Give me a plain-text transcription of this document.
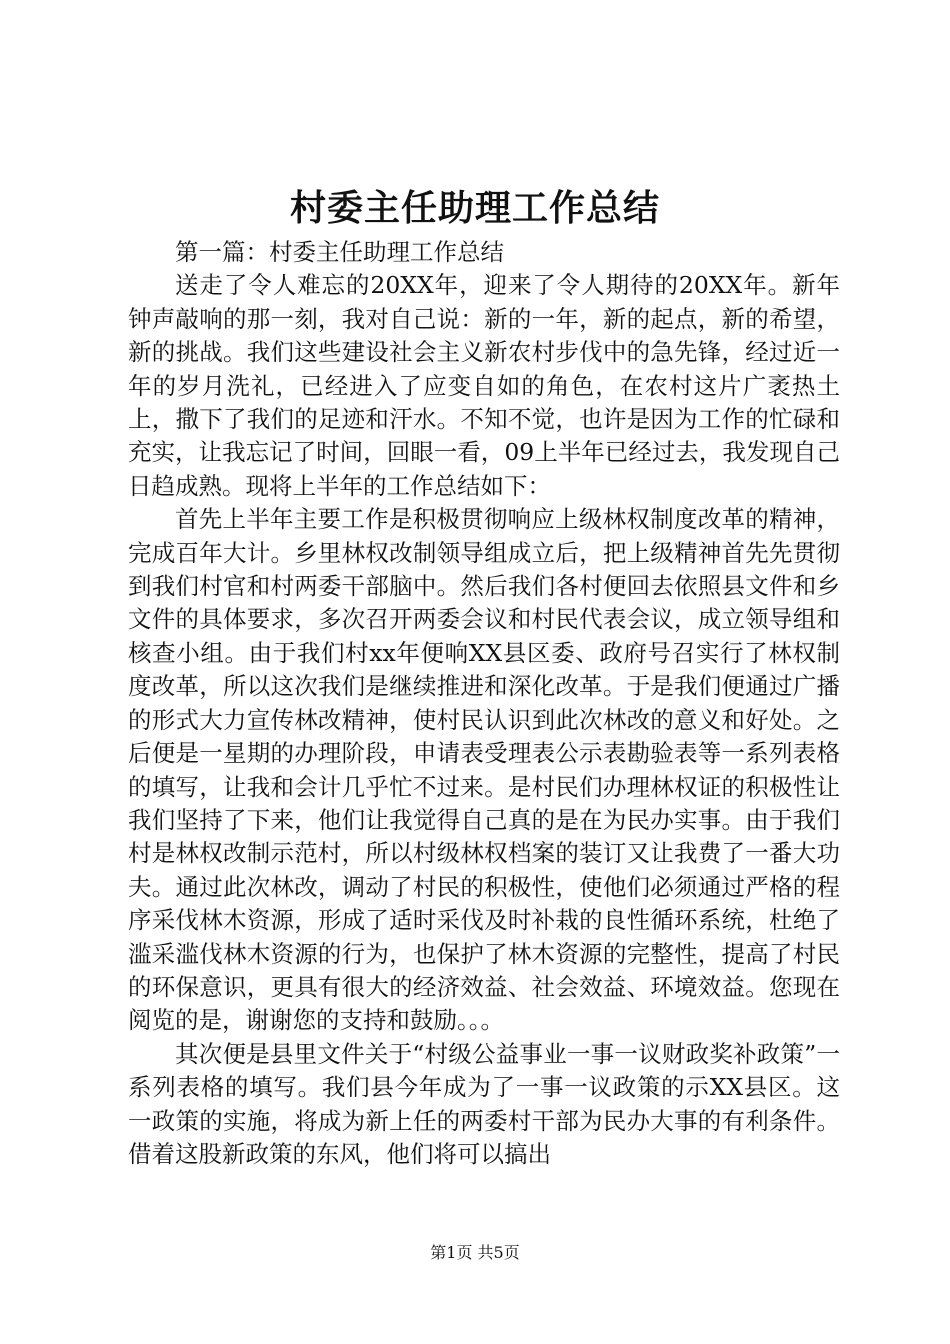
村委主任助理工作总结

第一篇：村委主任助理工作总结

送走了令人难忘的20XX年，迎来了令人期待的20XX年。新年钟声敲响的那一刻，我对自己说：新的一年，新的起点，新的希望，新的挑战。我们这些建设社会主义新农村步伐中的急先锋，经过近一年的岁月洗礼，已经进入了应变自如的角色，在农村这片广袤热土上，撒下了我们的足迹和汗水。不知不觉，也许是因为工作的忙碌和充实，让我忘记了时间，回眼一看，09上半年已经过去，我发现自己日趋成熟。现将上半年的工作总结如下：

首先上半年主要工作是积极贯彻响应上级林权制度改革的精神，完成百年大计。乡里林权改制领导组成立后，把上级精神首先先贯彻到我们村官和村两委干部脑中。然后我们各村便回去依照县文件和乡文件的具体要求，多次召开两委会议和村民代表会议，成立领导组和核查小组。由于我们村xx年便响XX县区委、政府号召实行了林权制度改革，所以这次我们是继续推进和深化改革。于是我们便通过广播的形式大力宣传林改精神，使村民认识到此次林改的意义和好处。之后便是一星期的办理阶段，申请表受理表公示表勘验表等一系列表格的填写，让我和会计几乎忙不过来。是村民们办理林权证的积极性让我们坚持了下来，他们让我觉得自己真的是在为民办实事。由于我们村是林权改制示范村，所以村级林权档案的装订又让我费了一番大功夫。通过此次林改，调动了村民的积极性，使他们必须通过严格的程序采伐林木资源，形成了适时采伐及时补栽的良性循环系统，杜绝了滥采滥伐林木资源的行为，也保护了林木资源的完整性，提高了村民的环保意识，更具有很大的经济效益、社会效益、环境效益。您现在阅览的是，谢谢您的支持和鼓励。。。

其次便是县里文件关于“村级公益事业一事一议财政奖补政策”一系列表格的填写。我们县今年成为了一事一议政策的示XX县区。这一政策的实施，将成为新上任的两委村干部为民办大事的有利条件。借着这股新政策的东风，他们将可以搞出

第1页 共5页
